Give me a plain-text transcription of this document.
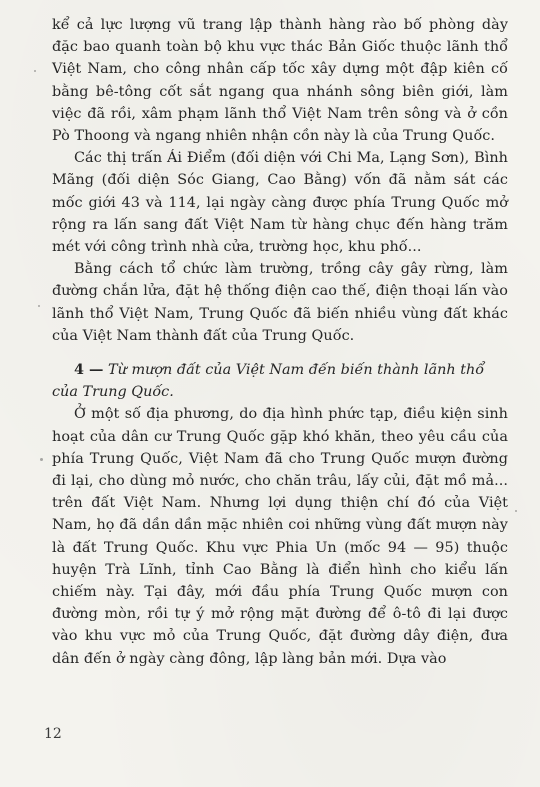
kể cả lực lượng vũ trang lập thành hàng rào bố phòng dày đặc bao quanh toàn bộ khu vực thác Bản Giốc thuộc lãnh thổ Việt Nam, cho công nhân cấp tốc xây dựng một đập kiên cố bằng bê-tông cốt sắt ngang qua nhánh sông biên giới, làm việc đã rồi, xâm phạm lãnh thổ Việt Nam trên sông và ở cồn Pò Thoong và ngang nhiên nhận cồn này là của Trung Quốc.

Các thị trấn Ái Điểm (đối diện với Chi Ma, Lạng Sơn), Bình Mãng (đối diện Sóc Giang, Cao Bằng) vốn đã nằm sát các mốc giới 43 và 114, lại ngày càng được phía Trung Quốc mở rộng ra lấn sang đất Việt Nam từ hàng chục đến hàng trăm mét với công trình nhà cửa, trường học, khu phố...

Bằng cách tổ chức làm trường, trồng cây gây rừng, làm đường chắn lửa, đặt hệ thống điện cao thế, điện thoại lấn vào lãnh thổ Việt Nam, Trung Quốc đã biến nhiều vùng đất khác của Việt Nam thành đất của Trung Quốc.

4 — Từ mượn đất của Việt Nam đến biến thành lãnh thổ của Trung Quốc.

Ở một số địa phương, do địa hình phức tạp, điều kiện sinh hoạt của dân cư Trung Quốc gặp khó khăn, theo yêu cầu của phía Trung Quốc, Việt Nam đã cho Trung Quốc mượn đường đi lại, cho dùng mỏ nước, cho chăn trâu, lấy củi, đặt mồ mả... trên đất Việt Nam. Nhưng lợi dụng thiện chí đó của Việt Nam, họ đã dần dần mặc nhiên coi những vùng đất mượn này là đất Trung Quốc. Khu vực Phia Un (mốc 94 — 95) thuộc huyện Trà Lĩnh, tỉnh Cao Bằng là điển hình cho kiểu lấn chiếm này. Tại đây, mới đầu phía Trung Quốc mượn con đường mòn, rồi tự ý mở rộng mặt đường để ô-tô đi lại được vào khu vực mỏ của Trung Quốc, đặt đường dây điện, đưa dân đến ở ngày càng đông, lập làng bản mới. Dựa vào

12
